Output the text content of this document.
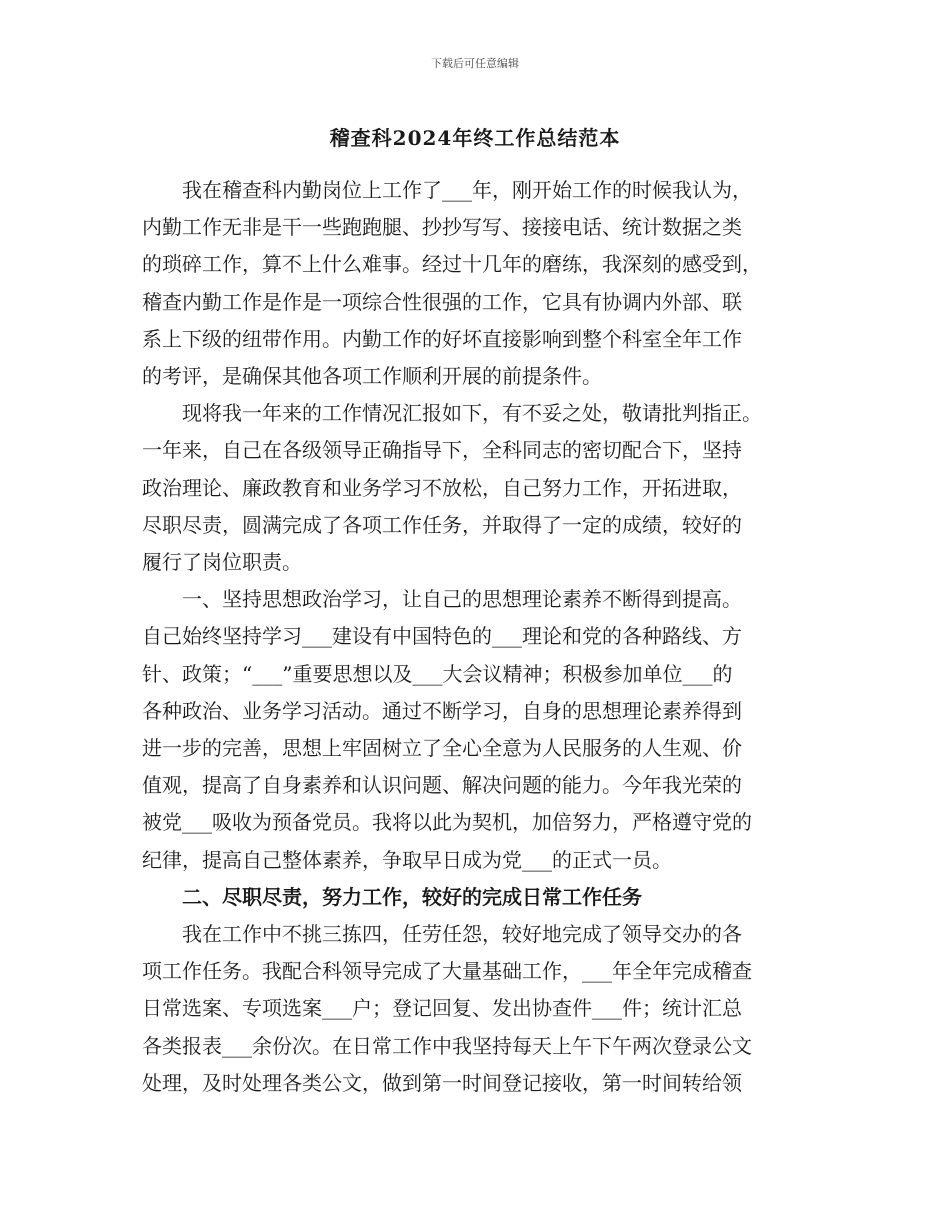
下载后可任意编辑
稽查科2024年终工作总结范本

我在稽查科内勤岗位上工作了___年，刚开始工作的时候我认为，
内勤工作无非是干一些跑跑腿、抄抄写写、接接电话、统计数据之类
的琐碎工作，算不上什么难事。经过十几年的磨练，我深刻的感受到，
稽查内勤工作是作是一项综合性很强的工作，它具有协调内外部、联
系上下级的纽带作用。内勤工作的好坏直接影响到整个科室全年工作
的考评，是确保其他各项工作顺利开展的前提条件。

现将我一年来的工作情况汇报如下，有不妥之处，敬请批判指正。
一年来，自己在各级领导正确指导下，全科同志的密切配合下，坚持
政治理论、廉政教育和业务学习不放松，自己努力工作，开拓进取，
尽职尽责，圆满完成了各项工作任务，并取得了一定的成绩，较好的
履行了岗位职责。

一、坚持思想政治学习，让自己的思想理论素养不断得到提高。
自己始终坚持学习___建设有中国特色的___理论和党的各种路线、方
针、政策；“___”重要思想以及___大会议精神；积极参加单位___的
各种政治、业务学习活动。通过不断学习，自身的思想理论素养得到
进一步的完善，思想上牢固树立了全心全意为人民服务的人生观、价
值观，提高了自身素养和认识问题、解决问题的能力。今年我光荣的
被党___吸收为预备党员。我将以此为契机，加倍努力，严格遵守党的
纪律，提高自己整体素养，争取早日成为党___的正式一员。

二、尽职尽责，努力工作，较好的完成日常工作任务

我在工作中不挑三拣四，任劳任怨，较好地完成了领导交办的各
项工作任务。我配合科领导完成了大量基础工作，___年全年完成稽查
日常选案、专项选案___户；登记回复、发出协查件___件；统计汇总
各类报表___余份次。在日常工作中我坚持每天上午下午两次登录公文
处理，及时处理各类公文，做到第一时间登记接收，第一时间转给领
